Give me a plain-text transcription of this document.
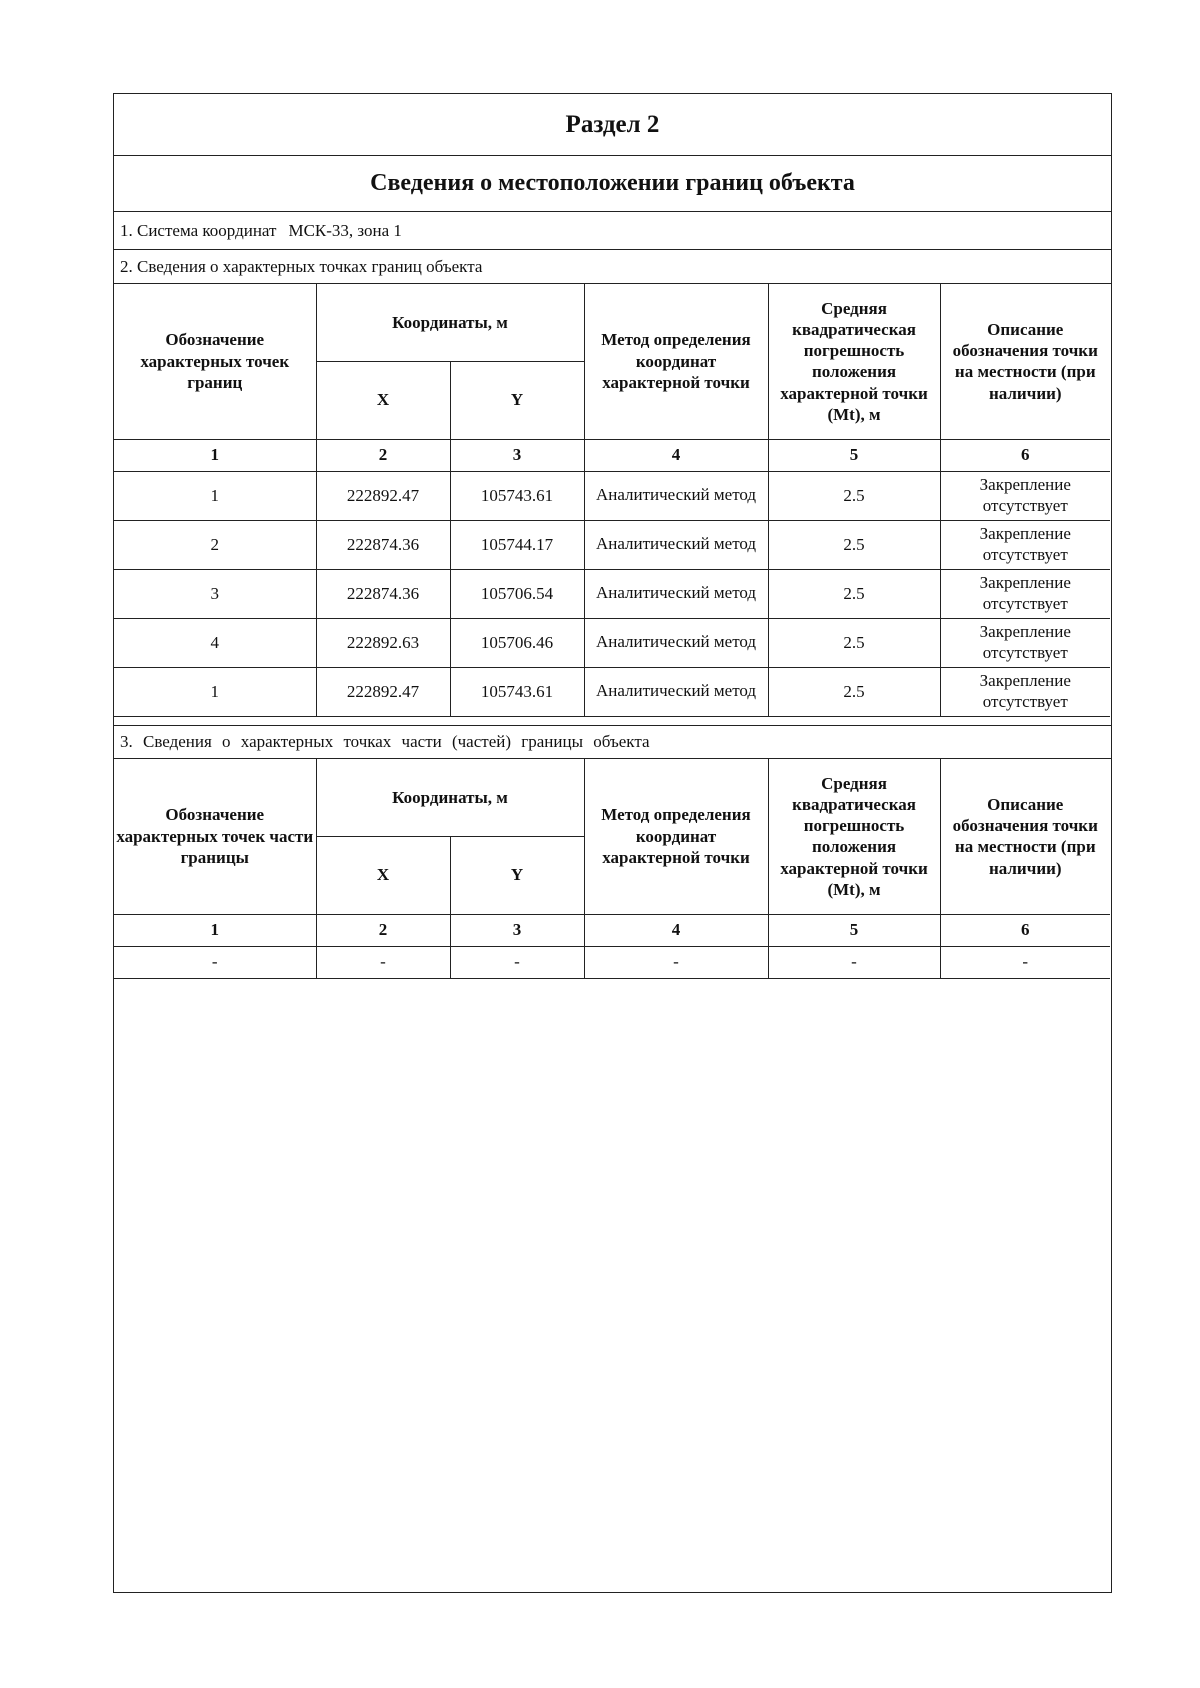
Раздел 2
Сведения о местоположении границ объекта
1. Система координат МСК-33, зона 1
2. Сведения о характерных точках границ объекта
Обозначение характерных точек границ	Координаты, м		Метод определения координат характерной точки	Средняя квадратическая погрешность положения характерной точки (Mt), м	Описание обозначения точки на местности (при наличии)
	X	Y			
1	2	3	4	5	6
1	222892.47	105743.61	Аналитический метод	2.5	Закрепление отсутствует
2	222874.36	105744.17	Аналитический метод	2.5	Закрепление отсутствует
3	222874.36	105706.54	Аналитический метод	2.5	Закрепление отсутствует
4	222892.63	105706.46	Аналитический метод	2.5	Закрепление отсутствует
1	222892.47	105743.61	Аналитический метод	2.5	Закрепление отсутствует
3. Сведения о характерных точках части (частей) границы объекта
Обозначение характерных точек части границы	Координаты, м		Метод определения координат характерной точки	Средняя квадратическая погрешность положения характерной точки (Mt), м	Описание обозначения точки на местности (при наличии)
	X	Y			
1	2	3	4	5	6
-	-	-	-	-	-
